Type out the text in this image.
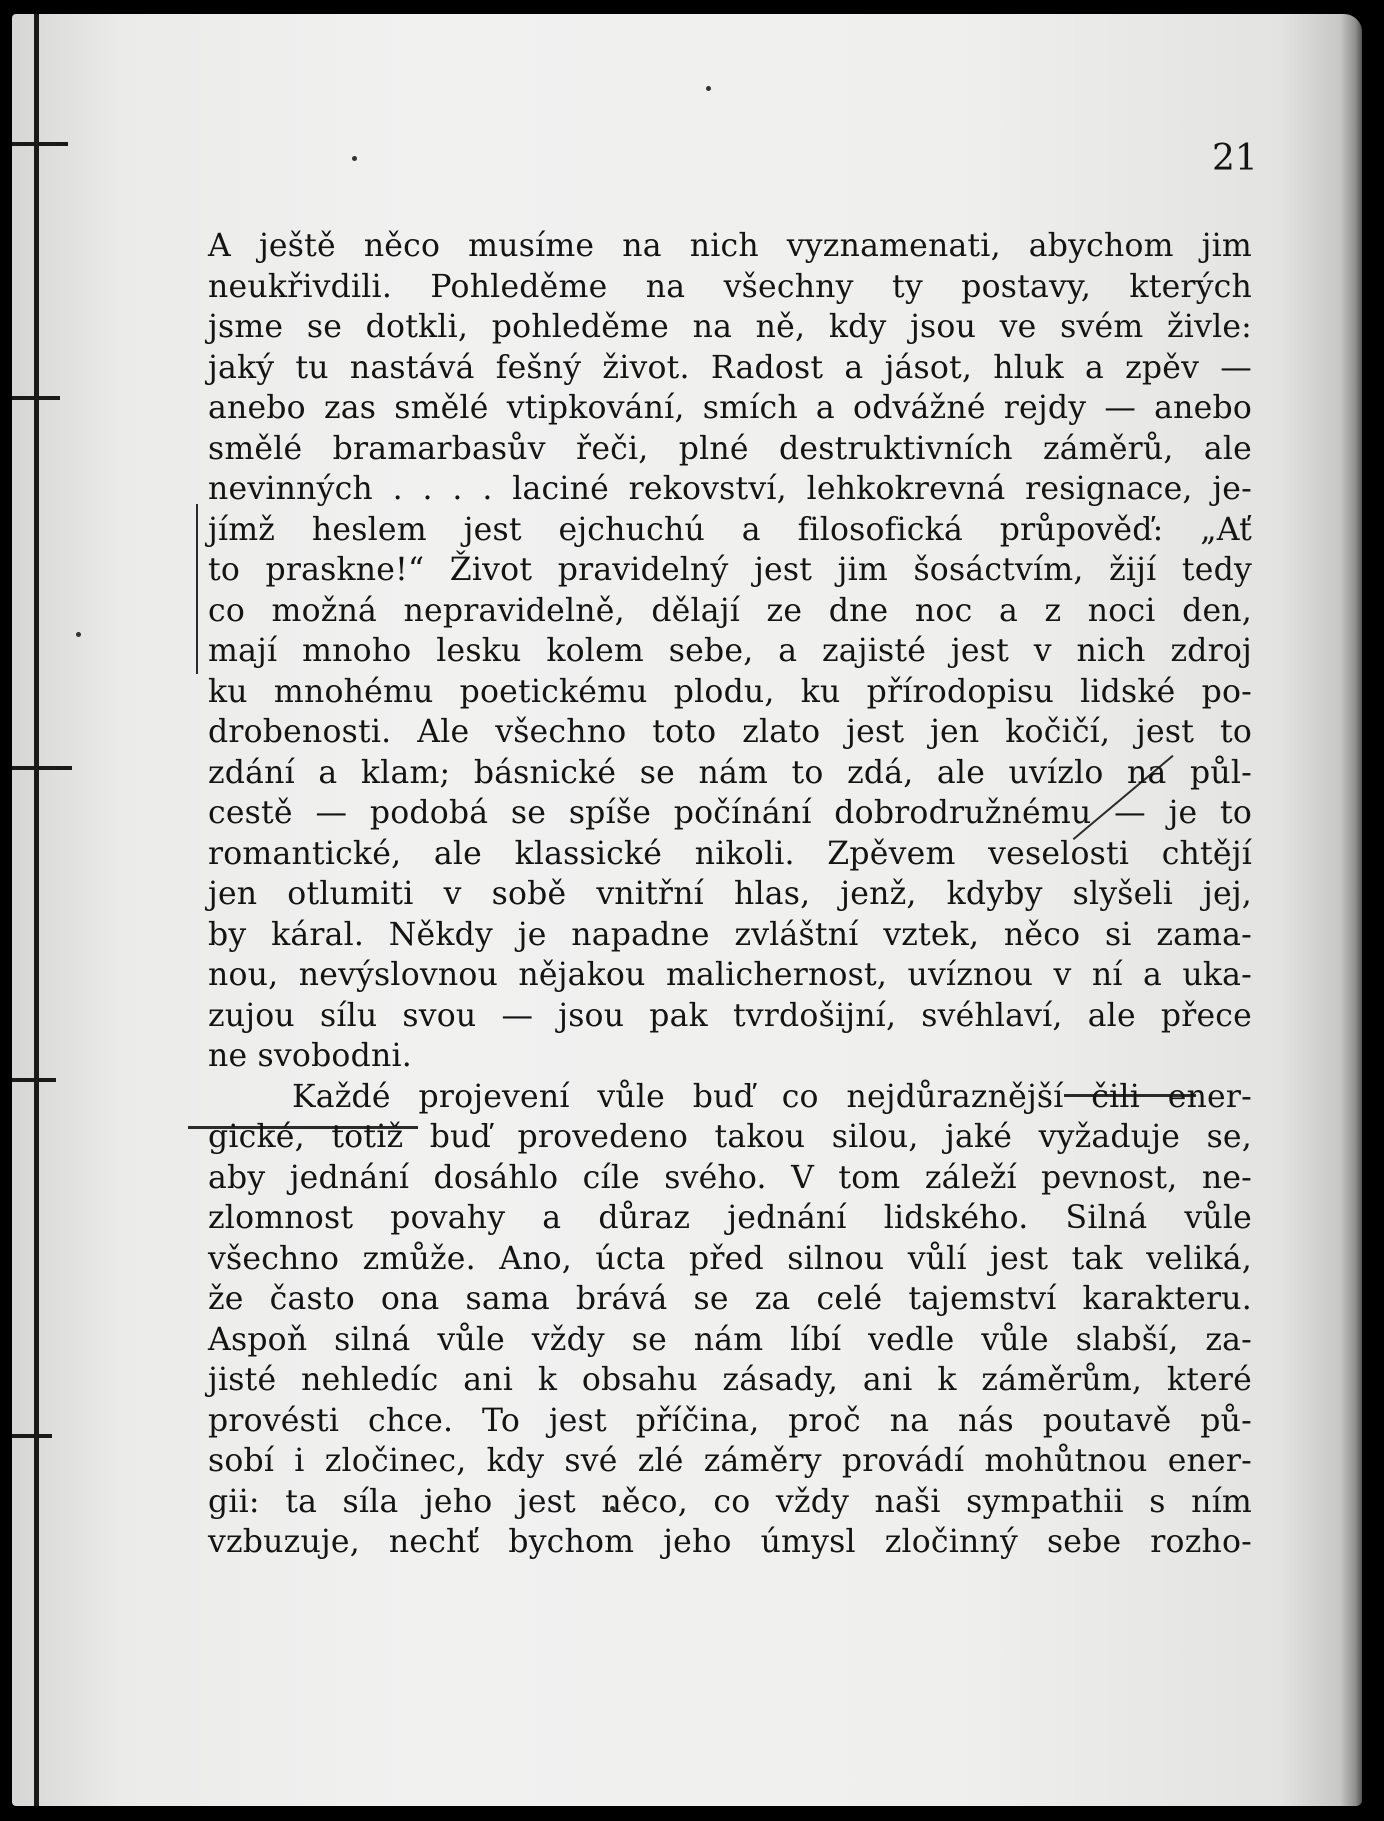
21
A ještě něco musíme na nich vyznamenati, abychom jim
neukřivdili. Pohleděme na všechny ty postavy, kterých
jsme se dotkli, pohleděme na ně, kdy jsou ve svém živle:
jaký tu nastává fešný život. Radost a jásot, hluk a zpěv —
anebo zas smělé vtipkování, smích a odvážné rejdy — anebo
smělé bramarbasův řeči, plné destruktivních záměrů, ale
nevinných . . . . laciné rekovství, lehkokrevná resignace, je-
jímž heslem jest ejchuchú a filosofická průpověď: „Ať
to praskne!“ Život pravidelný jest jim šosáctvím, žijí tedy
co možná nepravidelně, dělají ze dne noc a z noci den,
mají mnoho lesku kolem sebe, a zajisté jest v nich zdroj
ku mnohému poetickému plodu, ku přírodopisu lidské po-
drobenosti. Ale všechno toto zlato jest jen kočičí, jest to
zdání a klam; básnické se nám to zdá, ale uvízlo na půl-
cestě — podobá se spíše počínání dobrodružnému — je to
romantické, ale klassické nikoli. Zpěvem veselosti chtějí
jen otlumiti v sobě vnitřní hlas, jenž, kdyby slyšeli jej,
by káral. Někdy je napadne zvláštní vztek, něco si zama-
nou, nevýslovnou nějakou malichernost, uvíznou v ní a uka-
zujou sílu svou — jsou pak tvrdošijní, svéhlaví, ale přece
ne svobodni.
Každé projevení vůle buď co nejdůraznější čili ener-
gické, totiž buď provedeno takou silou, jaké vyžaduje se,
aby jednání dosáhlo cíle svého. V tom záleží pevnost, ne-
zlomnost povahy a důraz jednání lidského. Silná vůle
všechno zmůže. Ano, úcta před silnou vůlí jest tak veliká,
že často ona sama brává se za celé tajemství karakteru.
Aspoň silná vůle vždy se nám líbí vedle vůle slabší, za-
jisté nehledíc ani k obsahu zásady, ani k záměrům, které
provésti chce. To jest příčina, proč na nás poutavě pů-
sobí i zločinec, kdy své zlé záměry provádí mohůtnou ener-
gii: ta síla jeho jest něco, co vždy naši sympathii s ním
vzbuzuje, nechť bychom jeho úmysl zločinný sebe rozho-
